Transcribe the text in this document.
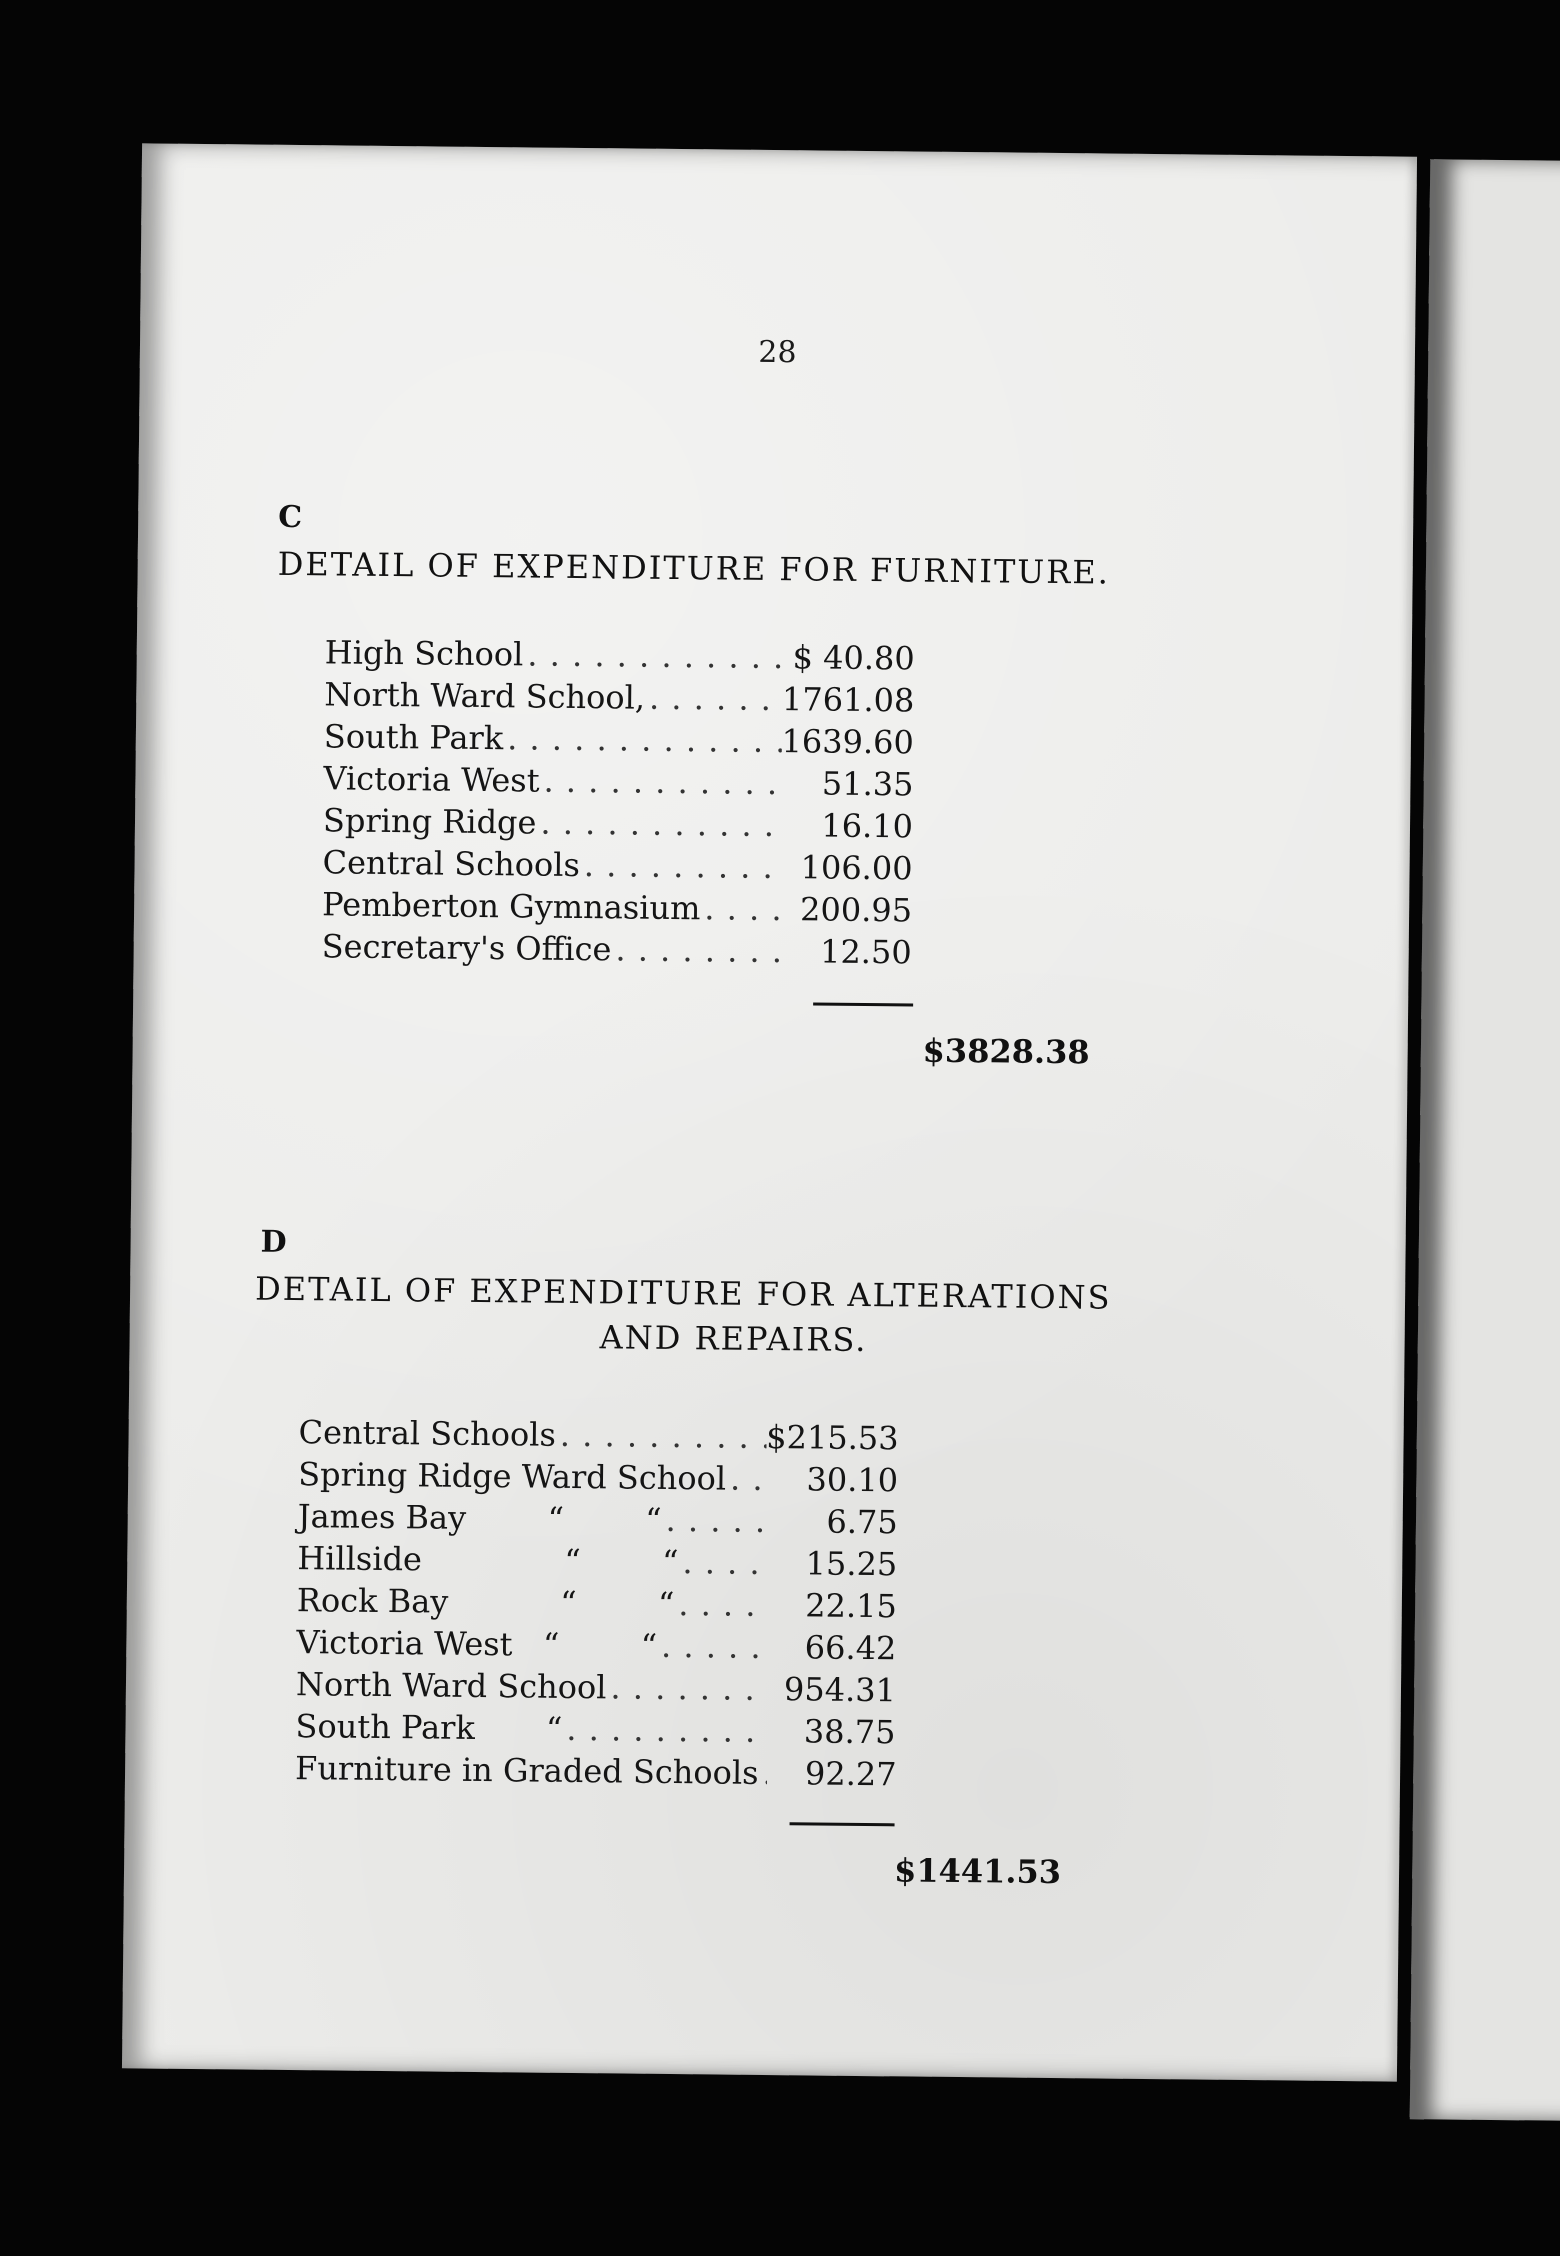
28
C
DETAIL OF EXPENDITURE FOR FURNITURE.
High School . . .	$ 40.80
North Ward School, . . .	1761.08
South Park . . .	1639.60
Victoria West . . .	51.35
Spring Ridge . . .	16.10
Central Schools . . .	106.00
Pemberton Gymnasium . . .	200.95
Secretary's Office . . .	12.50
$3828.38
D
DETAIL OF EXPENDITURE FOR ALTERATIONS
AND REPAIRS.
Central Schools . . .	$215.53
Spring Ridge Ward School . . .	30.10
James Bay        “        “ . . .	6.75
Hillside              “        “ . . .	15.25
Rock Bay           “        “ . . .	22.15
Victoria West   “        “ . . .	66.42
North Ward School . . .	954.31
South Park       “ . . .	38.75
Furniture in Graded Schools . . .	92.27
$1441.53
